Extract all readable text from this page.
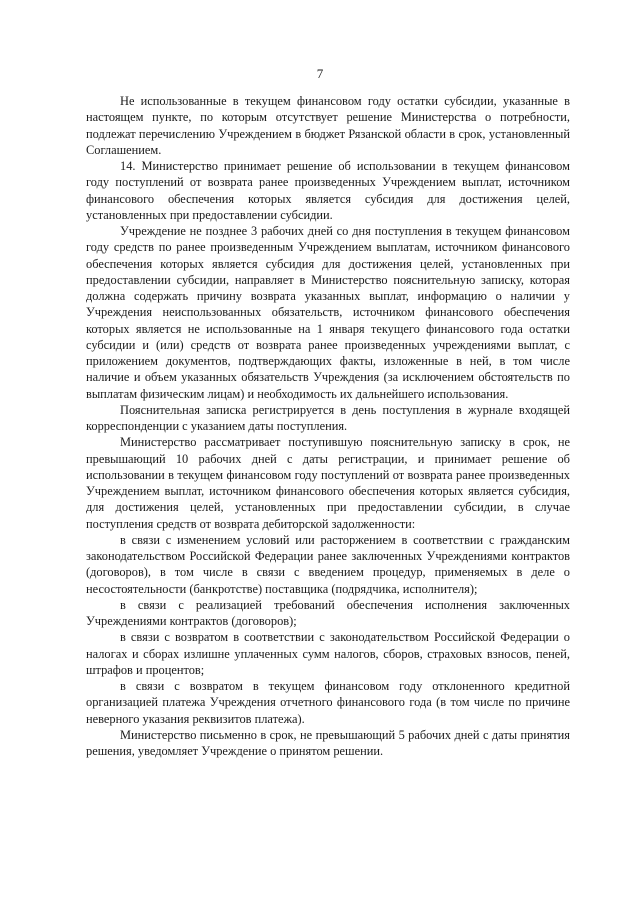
7

Не использованные в текущем финансовом году остатки субсидии, указанные в настоящем пункте, по которым отсутствует решение Министерства о потребности, подлежат перечислению Учреждением в бюджет Рязанской области в срок, установленный Соглашением.

14. Министерство принимает решение об использовании в текущем финансовом году поступлений от возврата ранее произведенных Учреждением выплат, источником финансового обеспечения которых является субсидия для достижения целей, установленных при предоставлении субсидии.

Учреждение не позднее 3 рабочих дней со дня поступления в текущем финансовом году средств по ранее произведенным Учреждением выплатам, источником финансового обеспечения которых является субсидия для достижения целей, установленных при предоставлении субсидии, направляет в Министерство пояснительную записку, которая должна содержать причину возврата указанных выплат, информацию о наличии у Учреждения неиспользованных обязательств, источником финансового обеспечения которых является не использованные на 1 января текущего финансового года остатки субсидии и (или) средств от возврата ранее произведенных учреждениями выплат, с приложением документов, подтверждающих факты, изложенные в ней, в том числе наличие и объем указанных обязательств Учреждения (за исключением обстоятельств по выплатам физическим лицам) и необходимость их дальнейшего использования.

Пояснительная записка регистрируется в день поступления в журнале входящей корреспонденции с указанием даты поступления.

Министерство рассматривает поступившую пояснительную записку в срок, не превышающий 10 рабочих дней с даты регистрации, и принимает решение об использовании в текущем финансовом году поступлений от возврата ранее произведенных Учреждением выплат, источником финансового обеспечения которых является субсидия, для достижения целей, установленных при предоставлении субсидии, в случае поступления средств от возврата дебиторской задолженности:

в связи с изменением условий или расторжением в соответствии с гражданским законодательством Российской Федерации ранее заключенных Учреждениями контрактов (договоров), в том числе в связи с введением процедур, применяемых в деле о несостоятельности (банкротстве) поставщика (подрядчика, исполнителя);

в связи с реализацией требований обеспечения исполнения заключенных Учреждениями контрактов (договоров);

в связи с возвратом в соответствии с законодательством Российской Федерации о налогах и сборах излишне уплаченных сумм налогов, сборов, страховых взносов, пеней, штрафов и процентов;

в связи с возвратом в текущем финансовом году отклоненного кредитной организацией платежа Учреждения отчетного финансового года (в том числе по причине неверного указания реквизитов платежа).

Министерство письменно в срок, не превышающий 5 рабочих дней с даты принятия решения, уведомляет Учреждение о принятом решении.
